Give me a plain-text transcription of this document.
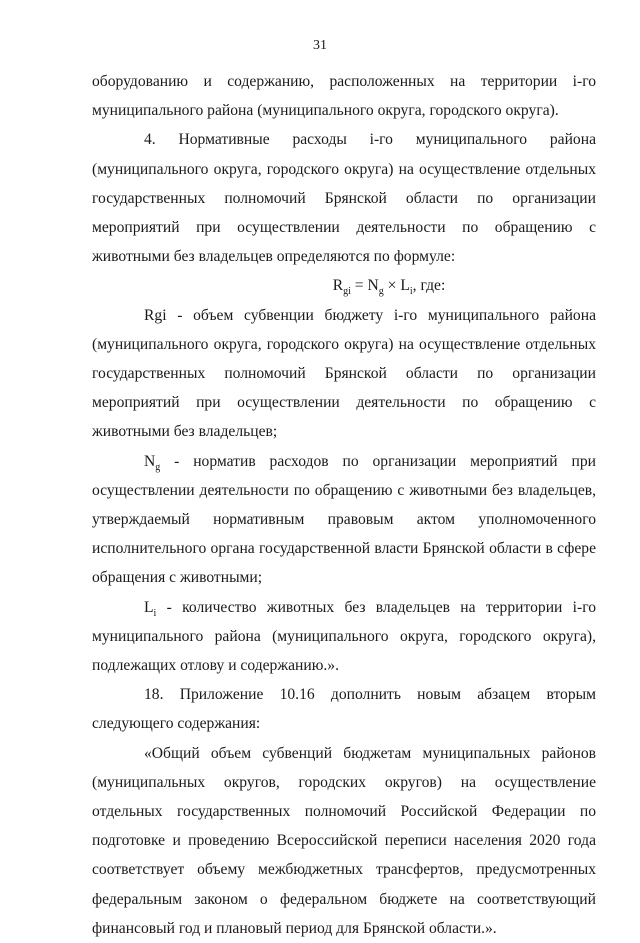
31

оборудованию и содержанию, расположенных на территории i-го муниципального района (муниципального округа, городского округа).

4. Нормативные расходы i-го муниципального района (муниципального округа, городского округа) на осуществление отдельных государственных полномочий Брянской области по организации мероприятий при осуществлении деятельности по обращению с животными без владельцев определяются по формуле:

$R_{gi} = N_g \times L_i$, где:

Rgi - объем субвенции бюджету i-го муниципального района (муниципального округа, городского округа) на осуществление отдельных государственных полномочий Брянской области по организации мероприятий при осуществлении деятельности по обращению с животными без владельцев;

$N_g$ - норматив расходов по организации мероприятий при осуществлении деятельности по обращению с животными без владельцев, утверждаемый нормативным правовым актом уполномоченного исполнительного органа государственной власти Брянской области в сфере обращения с животными;

$L_i$ - количество животных без владельцев на территории i-го муниципального района (муниципального округа, городского округа), подлежащих отлову и содержанию.».

18. Приложение 10.16 дополнить новым абзацем вторым следующего содержания:

«Общий объем субвенций бюджетам муниципальных районов (муниципальных округов, городских округов) на осуществление отдельных государственных полномочий Российской Федерации по подготовке и проведению Всероссийской переписи населения 2020 года соответствует объему межбюджетных трансфертов, предусмотренных федеральным законом о федеральном бюджете на соответствующий финансовый год и плановый период для Брянской области.».
